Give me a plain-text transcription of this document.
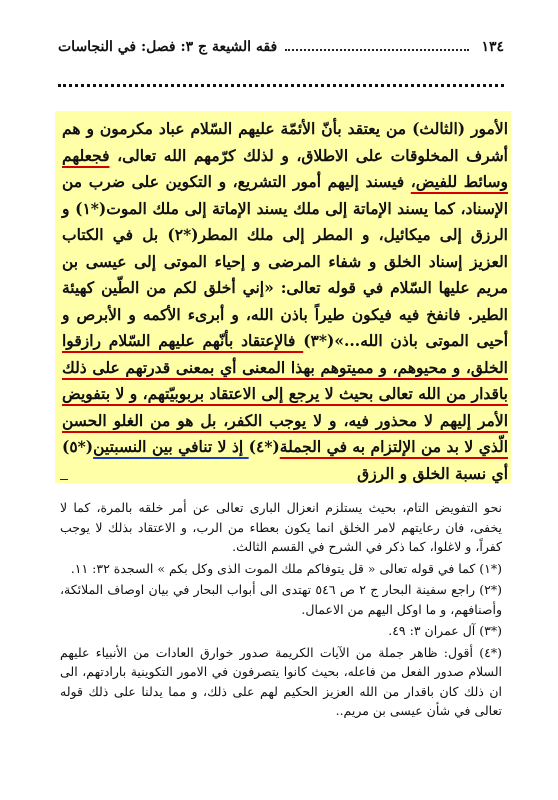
١٣٤
فقه الشيعة ج ٣: فصل: في النجاسات

الأمور (الثالث) من يعتقد بأنّ الأئمّة عليهم السّلام عباد مكرمون و هم أشرف المخلوقات على الاطلاق، و لذلك كرّمهم الله تعالى، فجعلهم وسائط للفيض، فيسند إليهم أمور التشريع، و التكوين على ضرب من الإسناد، كما يسند الإماتة إلى ملك يسند الإماتة إلى ملك الموت(*١) و الرزق إلى ميكائيل، و المطر إلى ملك المطر(*٢) بل في الكتاب العزيز إسناد الخلق و شفاء المرضى و إحياء الموتى إلى عيسى بن مريم عليها السّلام في قوله تعالى: «إني أخلق لكم من الطّين كهيئة الطير. فانفخ فيه فيكون طيراً باذن الله، و أبرىء الأكمه و الأبرص و أحيى الموتى باذن الله...»(*٣) فالإعتقاد بأنّهم عليهم السّلام رازقوا الخلق، و محيوهم، و مميتوهم بهذا المعنى أي بمعنى قدرتهم على ذلك باقدار من الله تعالى بحيث لا يرجع إلى الاعتقاد بربوبيّتهم، و لا بتفويض الأمر إليهم لا محذور فيه، و لا يوجب الكفر، بل هو من الغلو الحسن الّذي لا بد من الإلتزام به في الجملة(*٤) إذ لا تنافي بين النسبتين(*٥) أي نسبة الخلق و الرزق

نحو التفويض التام، بحيث يستلزم انعزال البارى تعالى عن أمر خلقه بالمرة، كما لا يخفى، فان رعايتهم لامر الخلق انما يكون بعطاء من الرب، و الاعتقاد بذلك لا يوجب كفراً، و لاغلوا، كما ذكر في الشرح في القسم الثالث.

(*١) كما في قوله تعالى « قل يتوفاكم ملك الموت الذى وكل بكم » السجدة ٣٢: ١١.

(*٢) راجع سفينة البحار ج ٢ ص ٥٤٦ تهتدى الى أبواب البحار في بيان اوصاف الملائكة، وأصنافهم، و ما اوكل اليهم من الاعمال.

(*٣) آل عمران ٣: ٤٩.

(*٤) أقول: ظاهر جملة من الآيات الكريمة صدور خوارق العادات من الأنبياء عليهم السلام صدور الفعل من فاعله، بحيث كانوا يتصرفون في الامور التكوينية بارادتهم، الى ان ذلك كان باقدار من الله العزيز الحكيم لهم على ذلك، و مما يدلنا على ذلك قوله تعالى في شأن عيسى بن مريم..
